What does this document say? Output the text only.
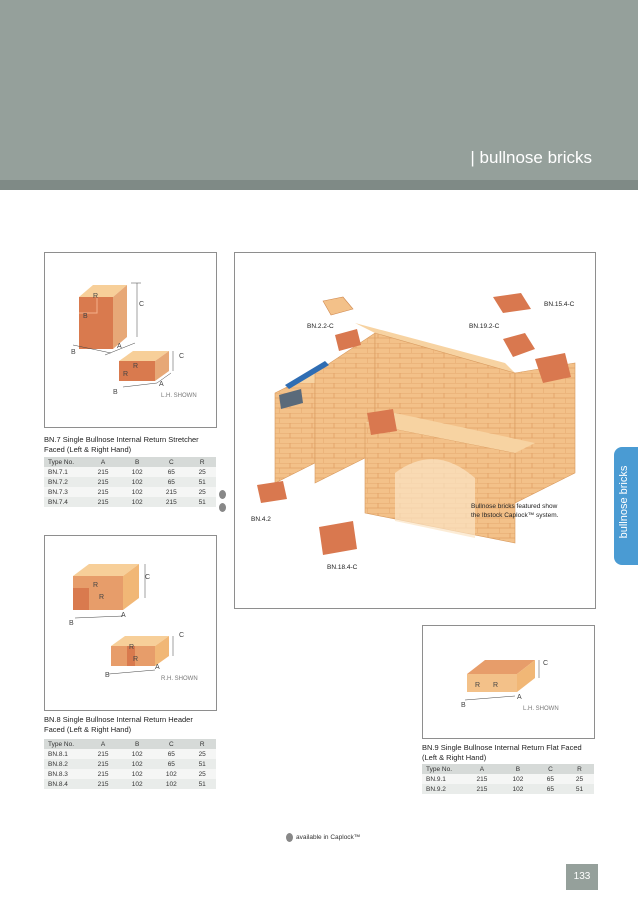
| bullnose bricks
bullnose bricks
R
B
C
B
A
C
R
R
A
B	L.H. SHOWN
BN.7 Single Bullnose Internal Return Stretcher
Faced (Left & Right Hand)
Type No.	A	B	C	R
BN.7.1	215	102	65	25
BN.7.2	215	102	65	51
BN.7.3	215	102	215	25
BN.7.4	215	102	215	51
C
R
R
A
B
C
R
R
A
B	R.H. SHOWN
BN.8 Single Bullnose Internal Return Header
Faced (Left & Right Hand)
Type No.	A	B	C	R
BN.8.1	215	102	65	25
BN.8.2	215	102	65	51
BN.8.3	215	102	102	25
BN.8.4	215	102	102	51
BN.15.4-C
BN.2.2-C	BN.19.2-C
BN.4.2
BN.18.4-C
Bullnose bricks featured show
the Ibstock Caplock™ system.
C
R R
A
B	L.H. SHOWN
BN.9 Single Bullnose Internal Return Flat Faced
(Left & Right Hand)
Type No.	A	B	C	R
BN.9.1	215	102	65	25
BN.9.2	215	102	65	51
available in Caplock™
133
